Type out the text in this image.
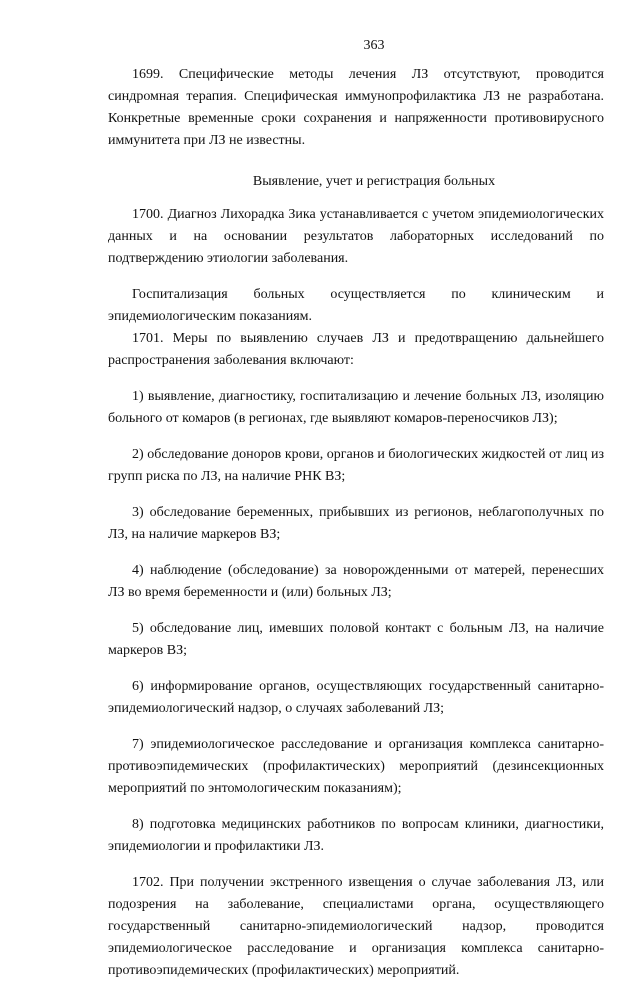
363

1699. Специфические методы лечения ЛЗ отсутствуют, проводится синдромная терапия. Специфическая иммунопрофилактика ЛЗ не разработана. Конкретные временные сроки сохранения и напряженности противовирусного иммунитета при ЛЗ не известны.

Выявление, учет и регистрация больных

1700. Диагноз Лихорадка Зика устанавливается с учетом эпидемиологических данных и на основании результатов лабораторных исследований по подтверждению этиологии заболевания.

Госпитализация больных осуществляется по клиническим и эпидемиологическим показаниям.

1701. Меры по выявлению случаев ЛЗ и предотвращению дальнейшего распространения заболевания включают:

1) выявление, диагностику, госпитализацию и лечение больных ЛЗ, изоляцию больного от комаров (в регионах, где выявляют комаров-переносчиков ЛЗ);

2) обследование доноров крови, органов и биологических жидкостей от лиц из групп риска по ЛЗ, на наличие РНК ВЗ;

3) обследование беременных, прибывших из регионов, неблагополучных по ЛЗ, на наличие маркеров ВЗ;

4) наблюдение (обследование) за новорожденными от матерей, перенесших ЛЗ во время беременности и (или) больных ЛЗ;

5) обследование лиц, имевших половой контакт с больным ЛЗ, на наличие маркеров ВЗ;

6) информирование органов, осуществляющих государственный санитарно-эпидемиологический надзор, о случаях заболеваний ЛЗ;

7) эпидемиологическое расследование и организация комплекса санитарно-противоэпидемических (профилактических) мероприятий (дезинсекционных мероприятий по энтомологическим показаниям);

8) подготовка медицинских работников по вопросам клиники, диагностики, эпидемиологии и профилактики ЛЗ.

1702. При получении экстренного извещения о случае заболевания ЛЗ, или подозрения на заболевание, специалистами органа, осуществляющего государственный санитарно-эпидемиологический надзор, проводится эпидемиологическое расследование и организация комплекса санитарно-противоэпидемических (профилактических) мероприятий.
